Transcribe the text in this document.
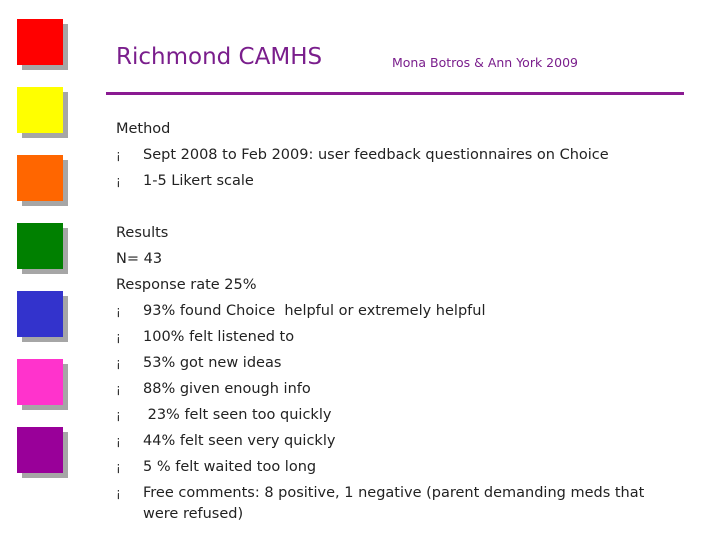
Richmond CAMHS	Mona Botros & Ann York 2009
Method
¡ Sept 2008 to Feb 2009: user feedback questionnaires on Choice
¡ 1-5 Likert scale
Results
N= 43
Response rate 25%
¡ 93% found Choice  helpful or extremely helpful
¡ 100% felt listened to
¡ 53% got new ideas
¡ 88% given enough info
¡ 23% felt seen too quickly
¡ 44% felt seen very quickly
¡ 5 % felt waited too long
¡ Free comments: 8 positive, 1 negative (parent demanding meds that were refused)
